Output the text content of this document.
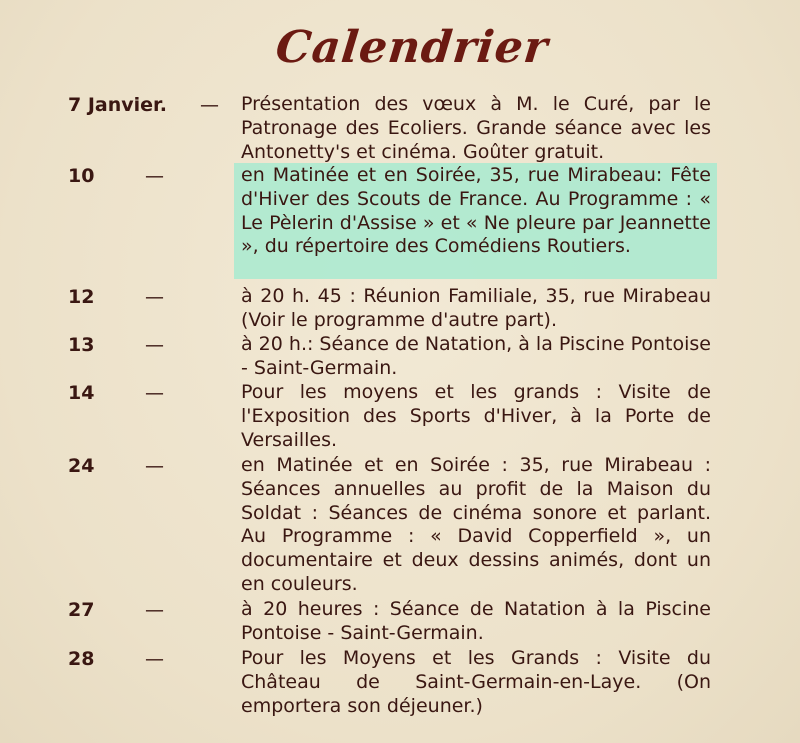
Calendrier
7 Janvier. — Présentation des vœux à M. le Curé, par le Patronage des Ecoliers. Grande séance avec les Antonetty's et cinéma. Goûter gratuit.
10	—	en Matinée et en Soirée, 35, rue Mirabeau: Fête d'Hiver des Scouts de France. Au Programme : « Le Pèlerin d'Assise » et « Ne pleure par Jeannette », du répertoire des Comédiens Routiers.
12	—	à 20 h. 45 : Réunion Familiale, 35, rue Mirabeau (Voir le programme d'autre part).
13	—	à 20 h.: Séance de Natation, à la Piscine Pontoise - Saint-Germain.
14	—	Pour les moyens et les grands : Visite de l'Exposition des Sports d'Hiver, à la Porte de Versailles.
24	—	en Matinée et en Soirée : 35, rue Mirabeau : Séances annuelles au profit de la Maison du Soldat : Séances de cinéma sonore et parlant. Au Programme : « David Copperfield », un documentaire et deux dessins animés, dont un en couleurs.
27	—	à 20 heures : Séance de Natation à la Piscine Pontoise - Saint-Germain.
28	—	Pour les Moyens et les Grands : Visite du Château de Saint-Germain-en-Laye. (On emportera son déjeuner.)
